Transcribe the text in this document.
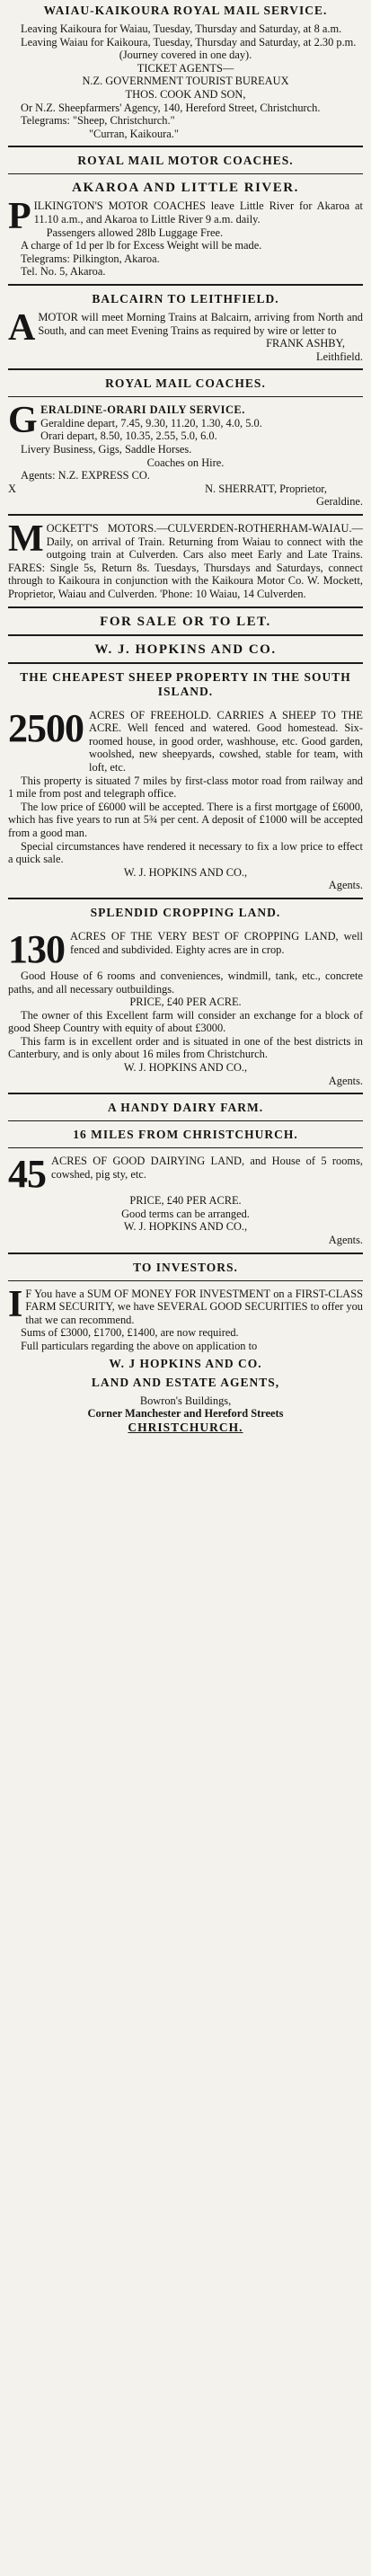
WAIAU-KAIKOURA ROYAL MAIL SERVICE.

Leaving Kaikoura for Waiau, Tuesday, Thursday and Saturday, at 8 a.m.

Leaving Waiau for Kaikoura, Tuesday, Thursday and Saturday, at 2.30 p.m.

(Journey covered in one day).

TICKET AGENTS—

N.Z. GOVERNMENT TOURIST BUREAUX

THOS. COOK AND SON,

Or N.Z. Sheepfarmers' Agency, 140, Hereford Street, Christchurch.

Telegrams: "Sheep, Christchurch."

"Curran, Kaikoura."

ROYAL MAIL MOTOR COACHES.

AKAROA AND LITTLE RIVER.

PILKINGTON'S MOTOR COACHES leave Little River for Akaroa at 11.10 a.m., and Akaroa to Little River 9 a.m. daily.

Passengers allowed 28lb Luggage Free.

A charge of 1d per lb for Excess Weight will be made.

Telegrams: Pilkington, Akaroa.

Tel. No. 5, Akaroa.

BALCAIRN TO LEITHFIELD.

AMOTOR will meet Morning Trains at Balcairn, arriving from North and South, and can meet Evening Trains as required by wire or letter to

FRANK ASHBY,

Leithfield.

ROYAL MAIL COACHES.

GERALDINE-ORARI DAILY SERVICE.

Geraldine depart, 7.45, 9.30, 11.20, 1.30, 4.0, 5.0.

Orari depart, 8.50, 10.35, 2.55, 5.0, 6.0.

Livery Business, Gigs, Saddle Horses.

Coaches on Hire.

Agents: N.Z. EXPRESS CO.

X	N. SHERRATT, Proprietor,

Geraldine.

MOCKETT'S MOTORS.—CULVERDEN-ROTHERHAM-WAIAU.—Daily, on arrival of Train. Returning from Waiau to connect with the outgoing train at Culverden. Cars also meet Early and Late Trains. FARES: Single 5s, Return 8s. Tuesdays, Thursdays and Saturdays, connect through to Kaikoura in conjunction with the Kaikoura Motor Co. W. Mockett, Proprietor, Waiau and Culverden. 'Phone: 10 Waiau, 14 Culverden.

FOR SALE OR TO LET.

W. J. HOPKINS AND CO.

THE CHEAPEST SHEEP PROPERTY IN THE SOUTH ISLAND.

2500 ACRES OF FREEHOLD. CARRIES A SHEEP TO THE ACRE. Well fenced and watered. Good homestead. Six-roomed house, in good order, washhouse, etc. Good garden, woolshed, new sheepyards, cowshed, stable for team, with loft, etc.

This property is situated 7 miles by first-class motor road from railway and 1 mile from post and telegraph office.

The low price of £6000 will be accepted. There is a first mortgage of £6000, which has five years to run at 5¾ per cent. A deposit of £1000 will be accepted from a good man.

Special circumstances have rendered it necessary to fix a low price to effect a quick sale.

W. J. HOPKINS AND CO.,

Agents.

SPLENDID CROPPING LAND.

130 ACRES OF THE VERY BEST OF CROPPING LAND, well fenced and subdivided. Eighty acres are in crop.

Good House of 6 rooms and conveniences, windmill, tank, etc., concrete paths, and all necessary outbuildings.

PRICE, £40 PER ACRE.

The owner of this Excellent farm will consider an exchange for a block of good Sheep Country with equity of about £3000.

This farm is in excellent order and is situated in one of the best districts in Canterbury, and is only about 16 miles from Christchurch.

W. J. HOPKINS AND CO.,

Agents.

A HANDY DAIRY FARM.

16 MILES FROM CHRISTCHURCH.

45 ACRES OF GOOD DAIRYING LAND, and House of 5 rooms, cowshed, pig sty, etc.

PRICE, £40 PER ACRE.

Good terms can be arranged.

W. J. HOPKINS AND CO.,

Agents.

TO INVESTORS.

IF You have a SUM OF MONEY FOR INVESTMENT on a FIRST-CLASS FARM SECURITY, we have SEVERAL GOOD SECURITIES to offer you that we can recommend.

Sums of £3000, £1700, £1400, are now required.

Full particulars regarding the above on application to

W. J HOPKINS AND CO.

LAND AND ESTATE AGENTS,

Bowron's Buildings,

Corner Manchester and Hereford Streets

CHRISTCHURCH.
